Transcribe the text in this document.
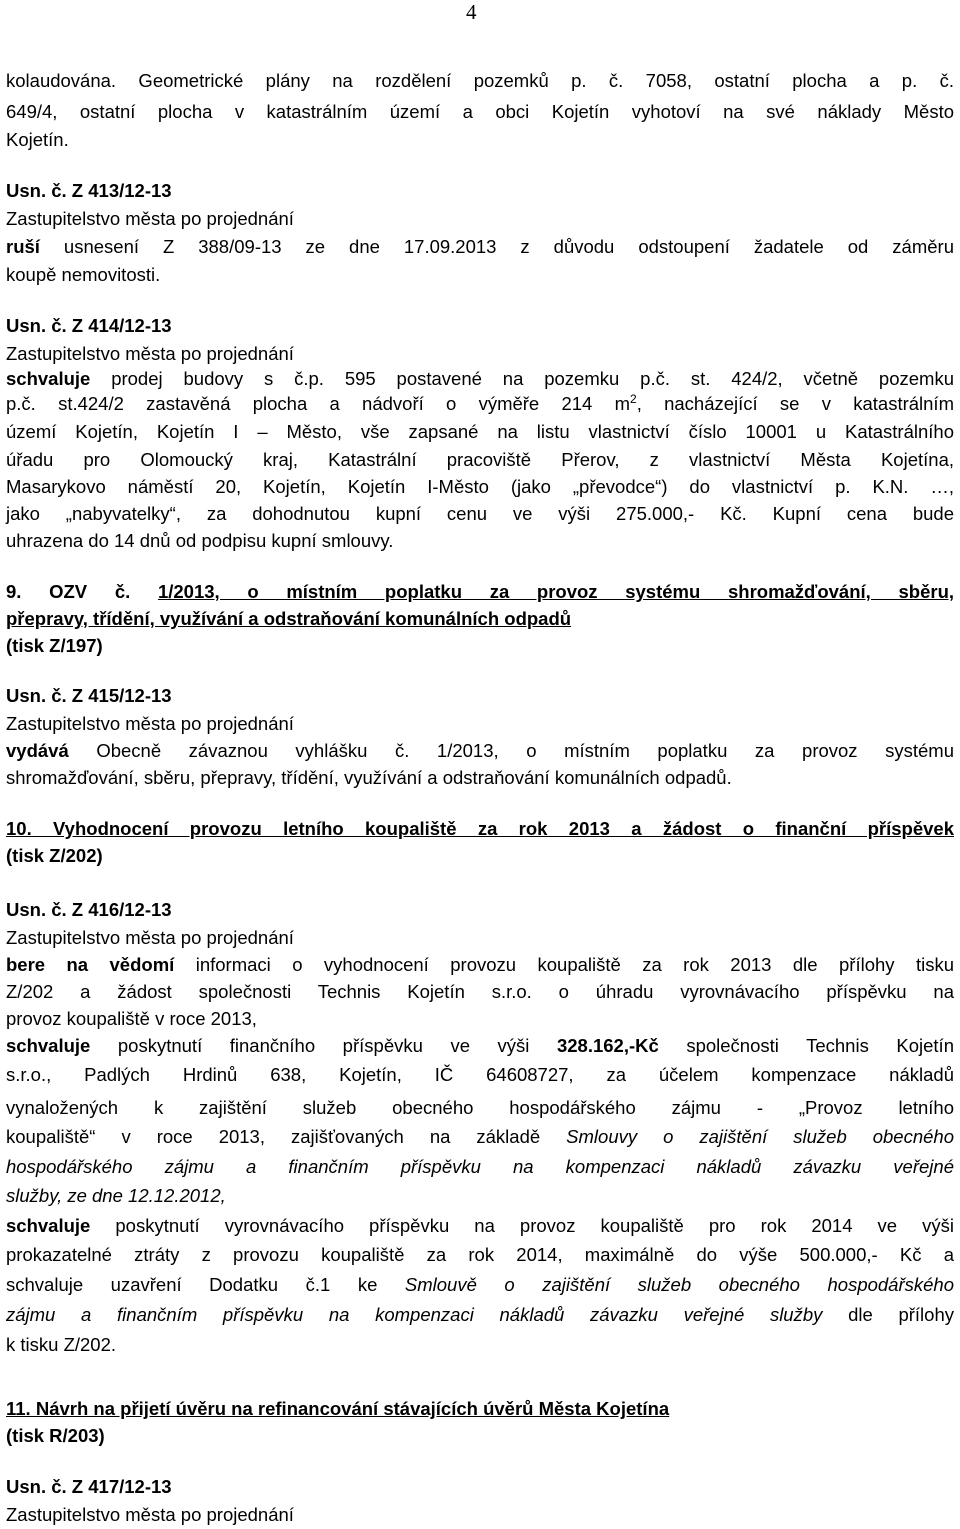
4
kolaudována. Geometrické plány na rozdělení pozemků p. č. 7058, ostatní plocha a p. č.
649/4, ostatní plocha v katastrálním území a obci Kojetín vyhotoví na své náklady Město
Kojetín.
Usn. č. Z 413/12-13
Zastupitelstvo města po projednání
ruší usnesení Z 388/09-13 ze dne 17.09.2013 z důvodu odstoupení žadatele od záměru
koupě nemovitosti.
Usn. č. Z 414/12-13
Zastupitelstvo města po projednání
schvaluje prodej budovy s č.p. 595 postavené na pozemku p.č. st. 424/2, včetně pozemku
p.č. st.424/2 zastavěná plocha a nádvoří o výměře 214 $m^2$, nacházející se v katastrálním
území Kojetín, Kojetín I – Město, vše zapsané na listu vlastnictví číslo 10001 u Katastrálního
úřadu pro Olomoucký kraj, Katastrální pracoviště Přerov, z vlastnictví Města Kojetína,
Masarykovo náměstí 20, Kojetín, Kojetín I-Město (jako „převodce“) do vlastnictví p. K.N. …,
jako „nabyvatelky“, za dohodnutou kupní cenu ve výši 275.000,- Kč. Kupní cena bude
uhrazena do 14 dnů od podpisu kupní smlouvy.
9. OZV č. 1/2013, o místním poplatku za provoz systému shromažďování, sběru,
přepravy, třídění, využívání a odstraňování komunálních odpadů
(tisk Z/197)
Usn. č. Z 415/12-13
Zastupitelstvo města po projednání
vydává Obecně závaznou vyhlášku č. 1/2013, o místním poplatku za provoz systému
shromažďování, sběru, přepravy, třídění, využívání a odstraňování komunálních odpadů.
10. Vyhodnocení provozu letního koupaliště za rok 2013 a žádost o finanční příspěvek
(tisk Z/202)
Usn. č. Z 416/12-13
Zastupitelstvo města po projednání
bere na vědomí informaci o vyhodnocení provozu koupaliště za rok 2013 dle přílohy tisku
Z/202 a žádost společnosti Technis Kojetín s.r.o. o úhradu vyrovnávacího příspěvku na
provoz koupaliště v roce 2013,
schvaluje poskytnutí finančního příspěvku ve výši 328.162,-Kč společnosti Technis Kojetín
s.r.o., Padlých Hrdinů 638, Kojetín, IČ 64608727, za účelem kompenzace nákladů
vynaložených k zajištění služeb obecného hospodářského zájmu - „Provoz letního
koupaliště“ v roce 2013, zajišťovaných na základě Smlouvy o zajištění služeb obecného
hospodářského zájmu a finančním příspěvku na kompenzaci nákladů závazku veřejné
služby, ze dne 12.12.2012,
schvaluje poskytnutí vyrovnávacího příspěvku na provoz koupaliště pro rok 2014 ve výši
prokazatelné ztráty z provozu koupaliště za rok 2014, maximálně do výše 500.000,- Kč a
schvaluje uzavření Dodatku č.1 ke Smlouvě o zajištění služeb obecného hospodářského
zájmu a finančním příspěvku na kompenzaci nákladů závazku veřejné služby dle přílohy
k tisku Z/202.
11. Návrh na přijetí úvěru na refinancování stávajících úvěrů Města Kojetína
(tisk R/203)
Usn. č. Z 417/12-13
Zastupitelstvo města po projednání
